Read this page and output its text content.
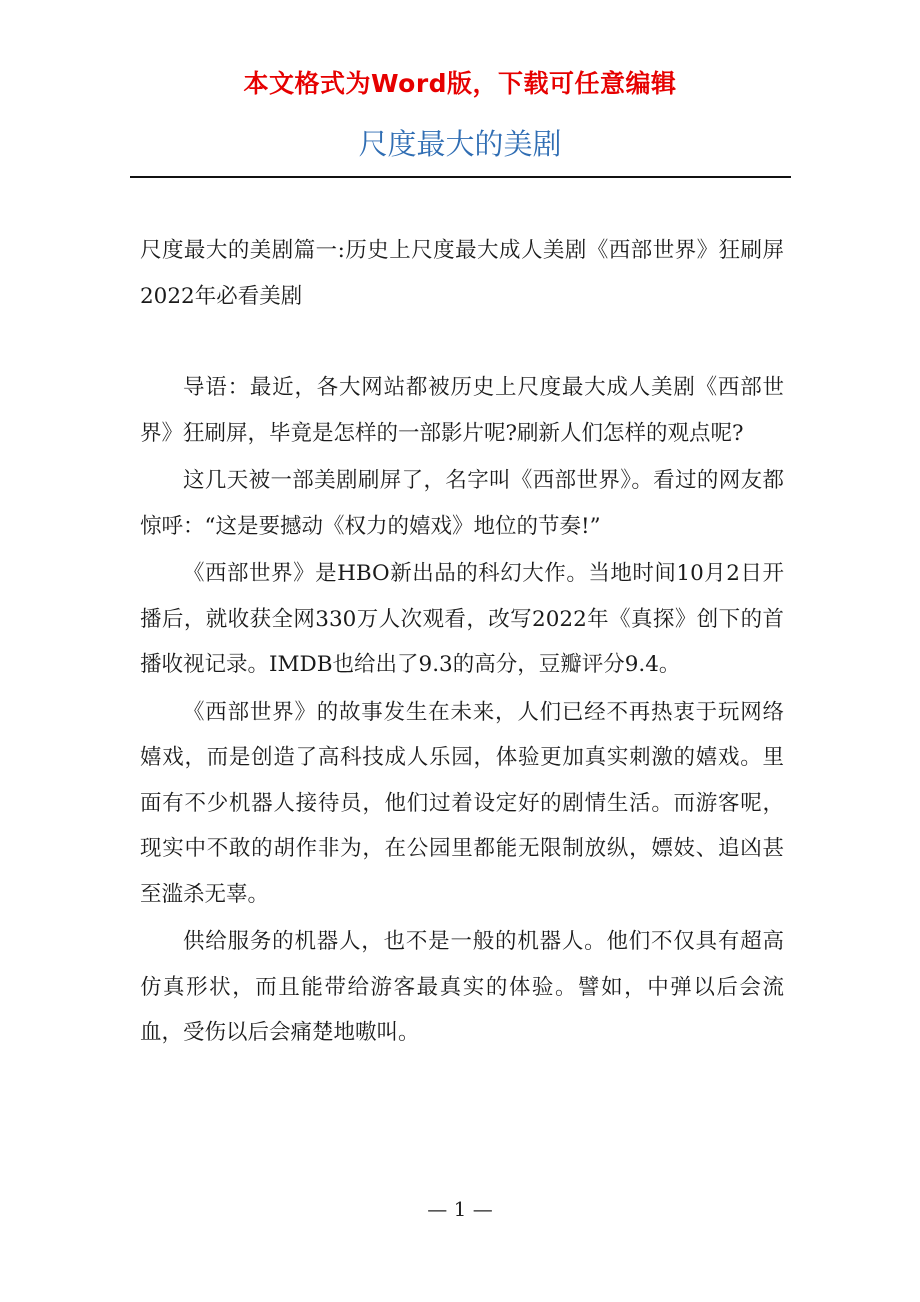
本文格式为Word版，下载可任意编辑
尺度最大的美剧

尺度最大的美剧篇一:历史上尺度最大成人美剧《西部世界》狂刷屏 2022年必看美剧

导语：最近，各大网站都被历史上尺度最大成人美剧《西部世界》狂刷屏，毕竟是怎样的一部影片呢?刷新人们怎样的观点呢?

这几天被一部美剧刷屏了，名字叫《西部世界》。看过的网友都惊呼：“这是要撼动《权力的嬉戏》地位的节奏!”

《西部世界》是HBO新出品的科幻大作。当地时间10月2日开播后，就收获全网330万人次观看，改写2022年《真探》创下的首播收视记录。IMDB也给出了9.3的高分，豆瓣评分9.4。

《西部世界》的故事发生在未来，人们已经不再热衷于玩网络嬉戏，而是创造了高科技成人乐园，体验更加真实刺激的嬉戏。里面有不少机器人接待员，他们过着设定好的剧情生活。而游客呢，现实中不敢的胡作非为，在公园里都能无限制放纵，嫖妓、追凶甚至滥杀无辜。

供给服务的机器人，也不是一般的机器人。他们不仅具有超高仿真形状，而且能带给游客最真实的体验。譬如，中弹以后会流血，受伤以后会痛楚地嗷叫。

— 1 —
